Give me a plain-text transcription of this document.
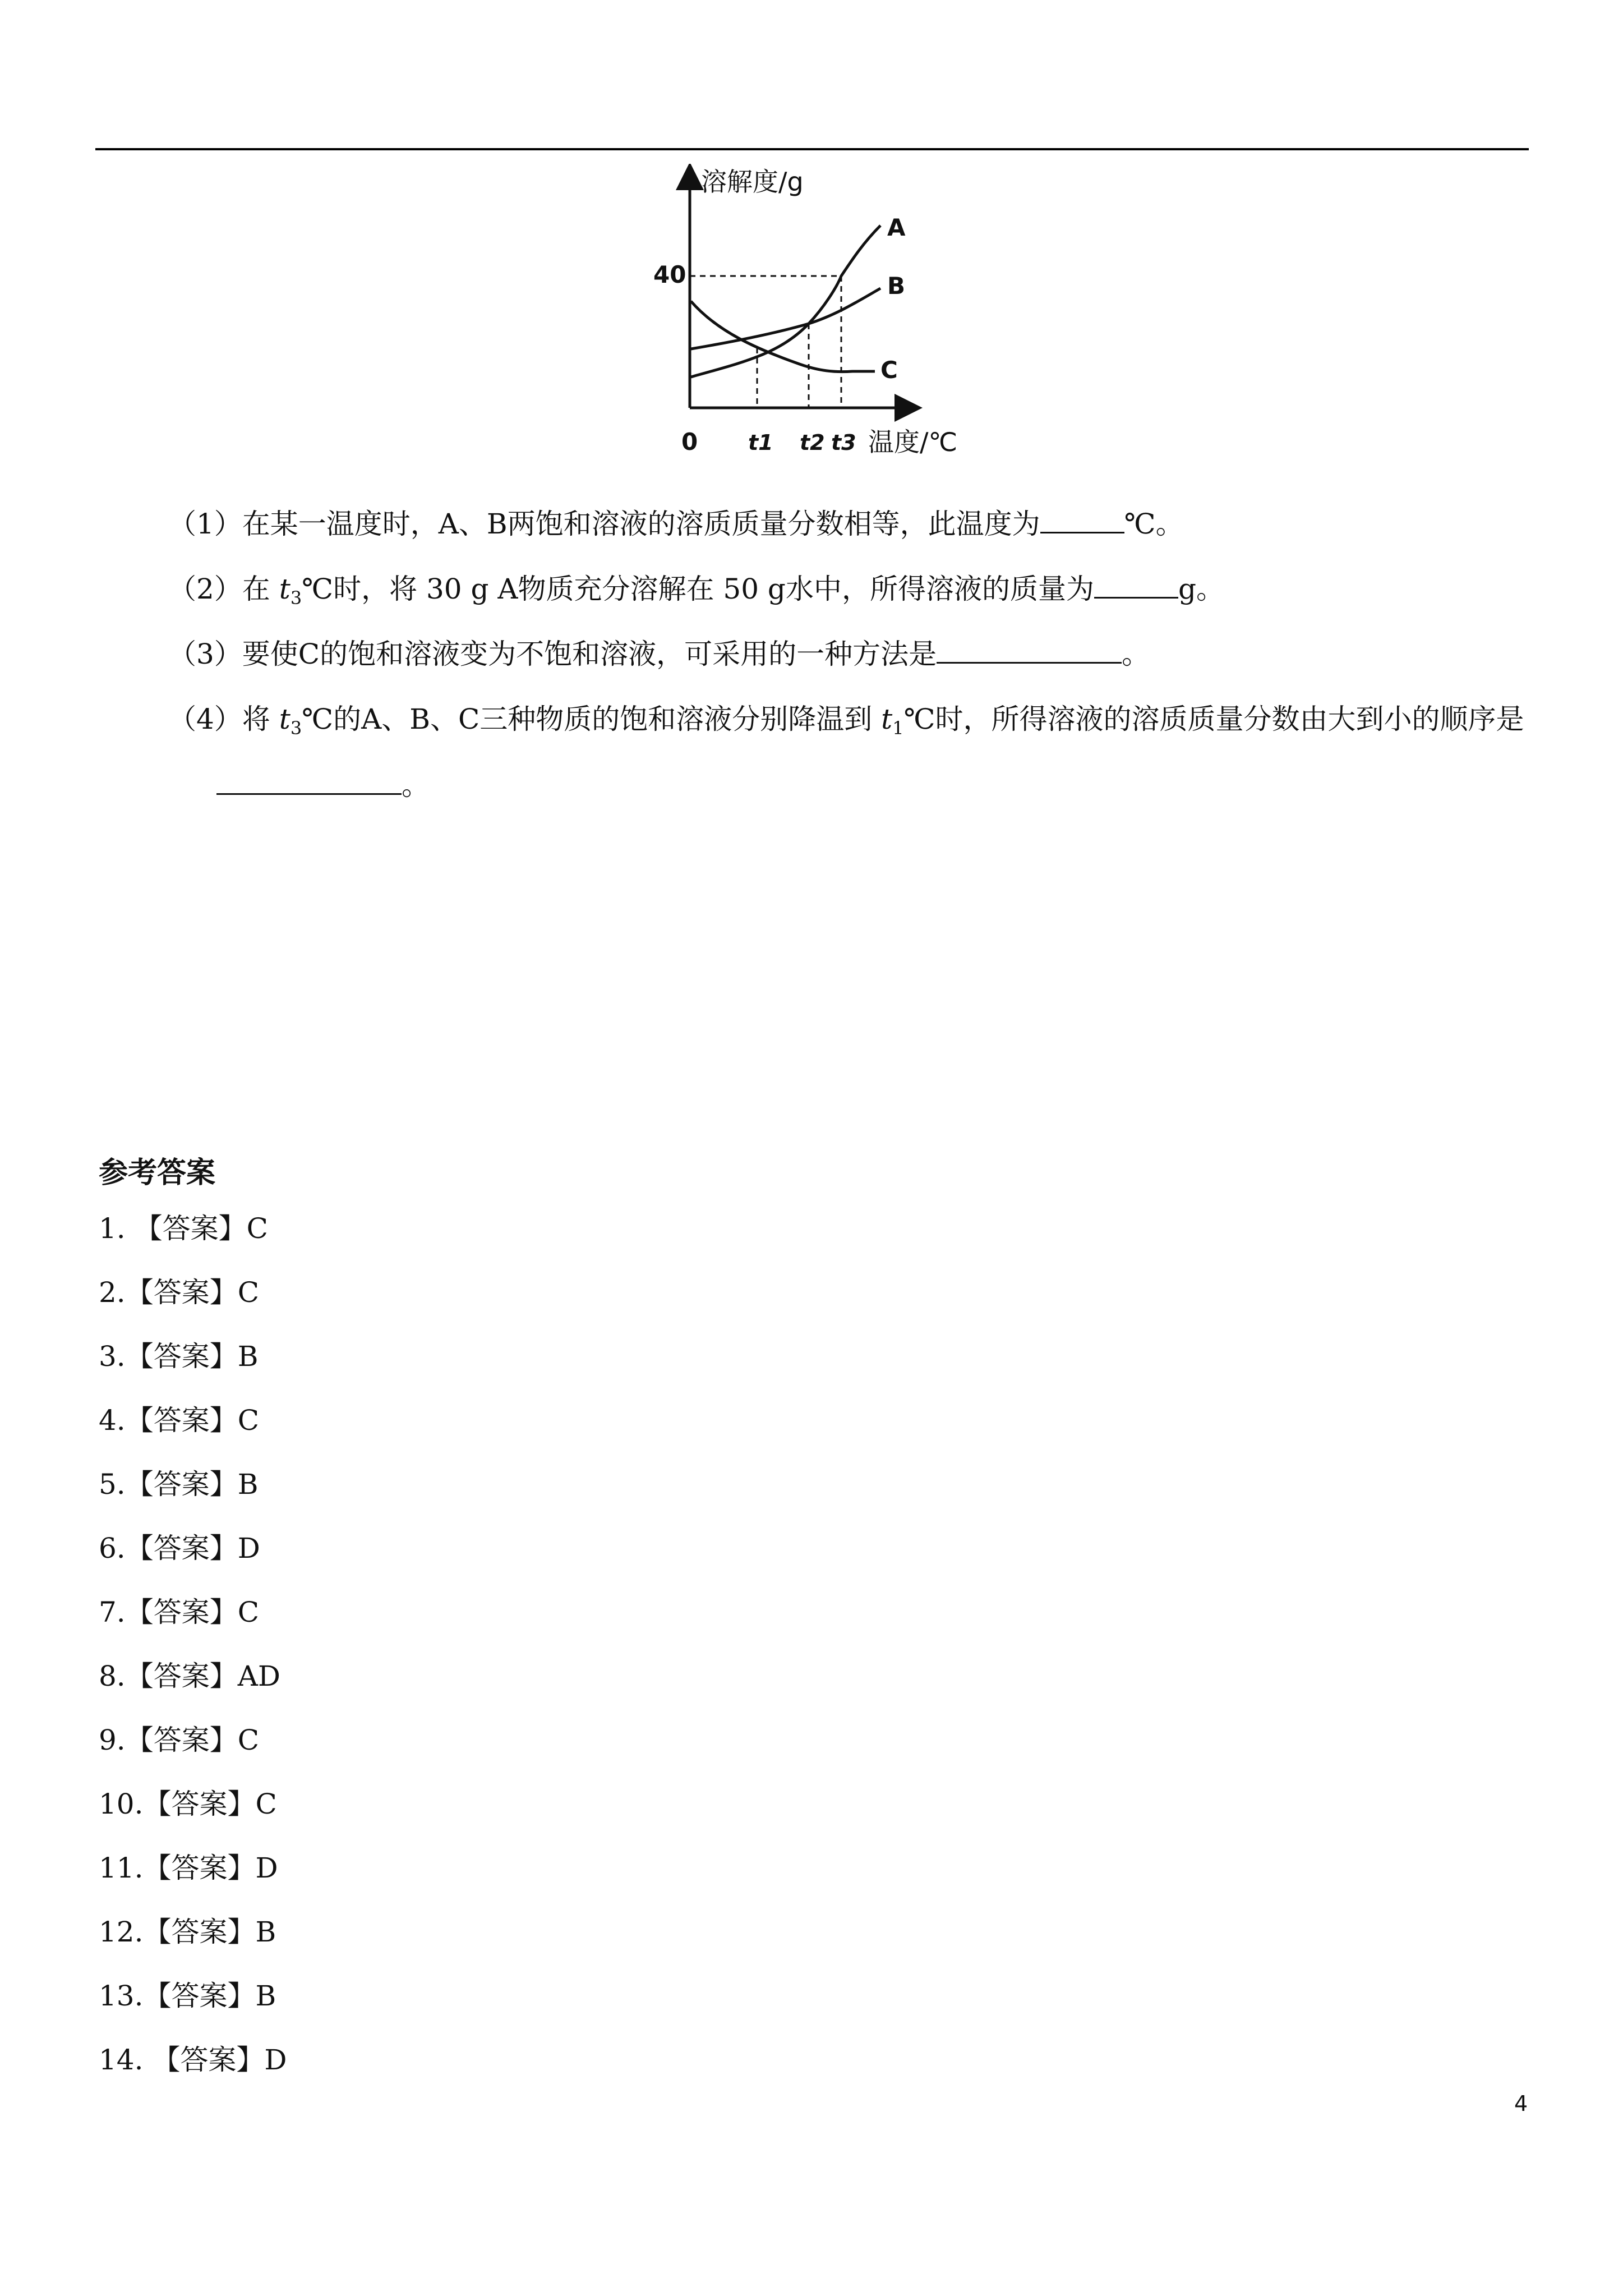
溶解度/g
40
0 t1 t2 t3 温度/℃
A
B
C
（1）在某一温度时，A、B两饱和溶液的溶质质量分数相等，此温度为	℃。
（2）在 $t_3℃$时，将 30 g A物质充分溶解在 50 g水中，所得溶液的质量为	g。
（3）要使C的饱和溶液变为不饱和溶液，可采用的一种方法是	。
（4）将 $t_3℃$的A、B、C三种物质的饱和溶液分别降温到 $t_1℃$时，所得溶液的溶质质量分数由大到小的顺序是
。
参考答案
1. 【答案】C
2.【答案】C
3.【答案】B
4.【答案】C
5.【答案】B
6.【答案】D
7.【答案】C
8.【答案】AD
9.【答案】C
10.【答案】C
11.【答案】D
12.【答案】B
13.【答案】B
14. 【答案】D
4
